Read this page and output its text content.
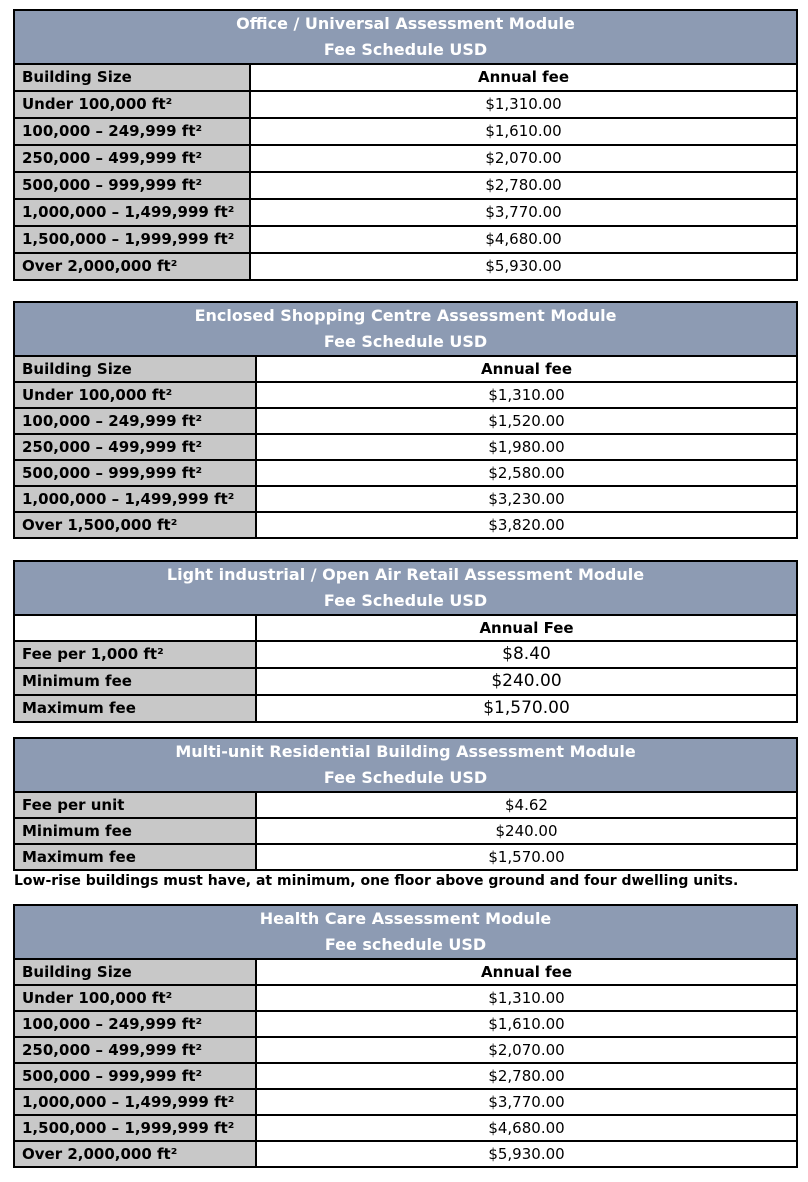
Office / Universal Assessment Module
Fee Schedule USD	

Building Size	Annual fee
Under 100,000 ft²	$1,310.00
100,000 – 249,999 ft²	$1,610.00
250,000 – 499,999 ft²	$2,070.00
500,000 – 999,999 ft²	$2,780.00
1,000,000 – 1,499,999 ft²	$3,770.00
1,500,000 – 1,999,999 ft²	$4,680.00
Over 2,000,000 ft²	$5,930.00
Enclosed Shopping Centre Assessment Module
Fee Schedule USD	

Building Size	Annual fee
Under 100,000 ft²	$1,310.00
100,000 – 249,999 ft²	$1,520.00
250,000 – 499,999 ft²	$1,980.00
500,000 – 999,999 ft²	$2,580.00
1,000,000 – 1,499,999 ft²	$3,230.00
Over 1,500,000 ft²	$3,820.00
Light industrial / Open Air Retail Assessment Module
Fee Schedule USD	

	Annual Fee
Fee per 1,000 ft²	$8.40
Minimum fee	$240.00
Maximum fee	$1,570.00
Multi-unit Residential Building Assessment Module
Fee Schedule USD	

Fee per unit	$4.62
Minimum fee	$240.00
Maximum fee	$1,570.00

Low-rise buildings must have, at minimum, one floor above ground and four dwelling units.

Health Care Assessment Module
Fee schedule USD	

Building Size	Annual fee
Under 100,000 ft²	$1,310.00
100,000 – 249,999 ft²	$1,610.00
250,000 – 499,999 ft²	$2,070.00
500,000 – 999,999 ft²	$2,780.00
1,000,000 – 1,499,999 ft²	$3,770.00
1,500,000 – 1,999,999 ft²	$4,680.00
Over 2,000,000 ft²	$5,930.00
